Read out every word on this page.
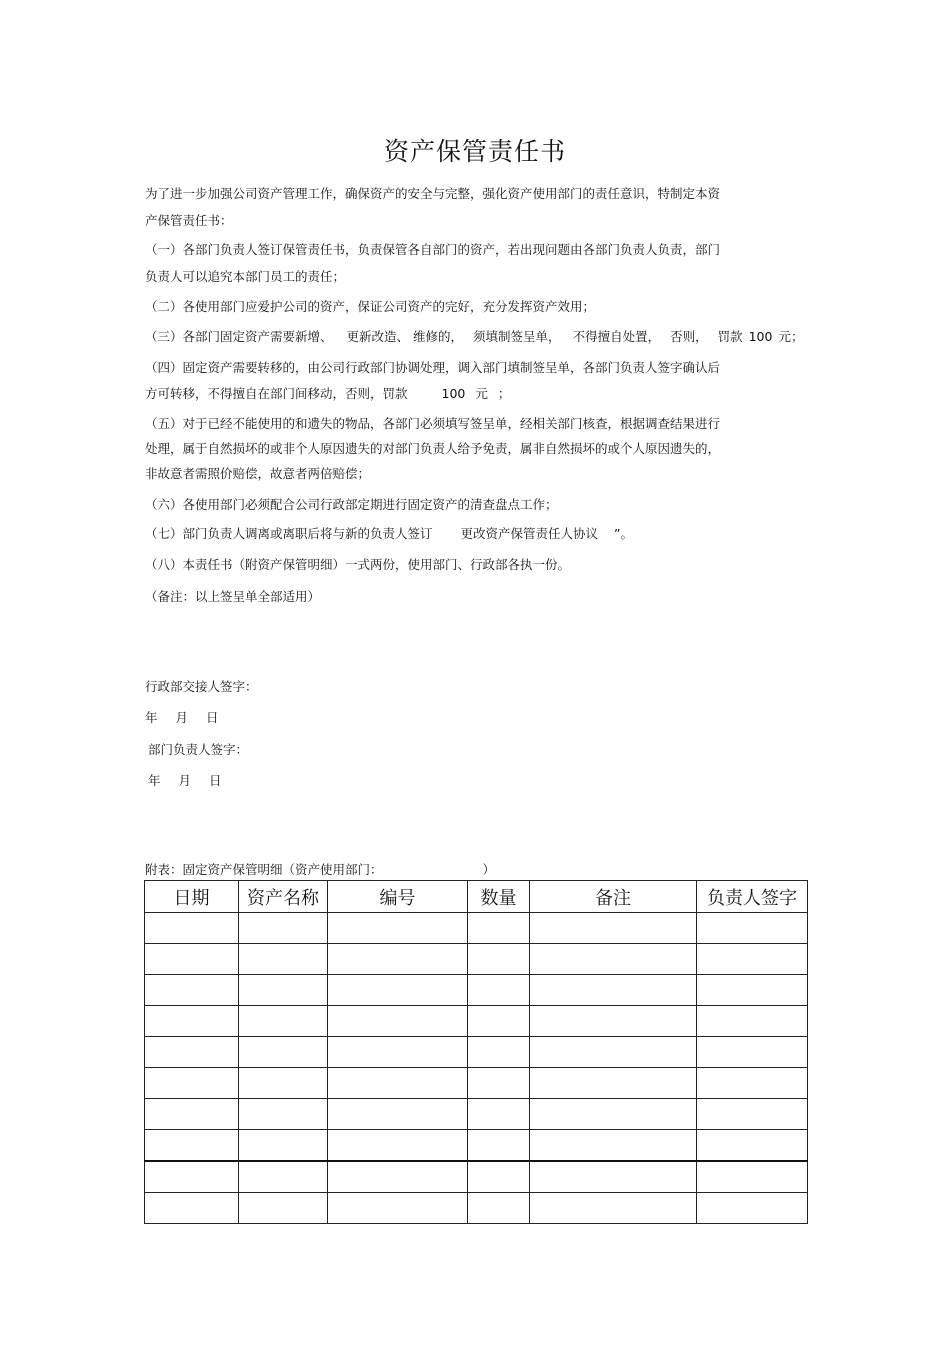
资产保管责任书
为了进一步加强公司资产管理工作，确保资产的安全与完整，强化资产使用部门的责任意识，特制定本资
产保管责任书：
（一）各部门负责人签订保管责任书，负责保管各自部门的资产，若出现问题由各部门负责人负责，部门
负责人可以追究本部门员工的责任；
（二）各使用部门应爱护公司的资产，保证公司资产的完好，充分发挥资产效用；
（三）各部门固定资产需要新增、 更新改造、 维修的， 须填制签呈单， 不得擅自处置， 否则， 罚款 100 元；
（四）固定资产需要转移的，由公司行政部门协调处理，调入部门填制签呈单，各部门负责人签字确认后
方可转移，不得擅自在部门间移动，否则，罚款	100 元 ；
（五）对于已经不能使用的和遗失的物品，各部门必须填写签呈单，经相关部门核查，根据调查结果进行
处理，属于自然损坏的或非个人原因遗失的对部门负责人给予免责，属非自然损坏的或个人原因遗失的，
非故意者需照价赔偿，故意者两倍赔偿；
（六）各使用部门必须配合公司行政部定期进行固定资产的清查盘点工作；
（七）部门负责人调离或离职后将与新的负责人签订 更改资产保管责任人协议 ”。
（八）本责任书（附资产保管明细）一式两份，使用部门、行政部各执一份。
（备注：以上签呈单全部适用）
行政部交接人签字：
年 月 日
部门负责人签字：
年 月 日
附表：固定资产保管明细（资产使用部门：	）
日期	资产名称	编号	数量	备注	负责人签字
